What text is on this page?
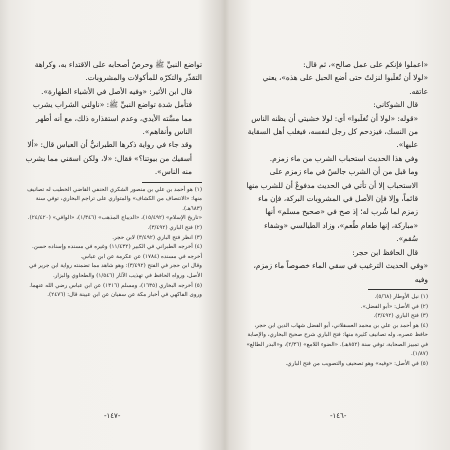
تواضع النبيِّ ﷺ وحرصُ أصحابه على الاقتداء به، وكراهة التقذّر والتكرّه للمأكولات والمشروبات.

قال ابن الأثير: «وفيه الأصل في الأشياء الطهارة».

فتأمل شدة تواضع النبيِّ ﷺ: «ناولني الشراب يشرب مما مسَّته الأيدي، وعدم استقذاره ذلك، مع أنه أطهر الناس وأنقاهم».

وقد جاء في رواية ذكرها الطبرانيُّ أن العباس قال: «ألا أسقيك من بيوتنا؟» فقال: «لا، ولكن اسقني مما يشرب منه الناس».

(١) هو أحمد بن علي بن منصور الشكري الحنفي القاضي الخطيب له تصانيف منها: «الانتصاف من الكشاف» والمتواري على تراجم البخاري، توفي سنة (٦٨٣هـ).

«تاريخ الإسلام» (١٥/٤٩٢)، «الديباج المذهب» (١/٣٤٦)، «الوافي» (٢٤/٤٢٠).

(٢) فتح الباري (٣/٤٩٢).

(٣) انظر فتح الباري (٣/٤٩٢) لابن حجر.

(٤) أخرجه الطبراني في الكبير (١١/٤٣٢) وغيره في مسنده وإسناده حسن. أخرجه في مسنده (١٧٨٤) عن عكرمة عن ابن عباس.

وقال ابن حجر في الفتح (٣/٤٩٢): وهو شاهد مما تضمنته رواية ابن جرير في الأصل، ورواه الحافظ في تهذيب الآثار (١/٥٤٦) والطحاوي والبزار.

(٥) أخرجه البخاري (١٦٣٥)، ومسلم (١٣١٦) عن ابن عباس رضي الله عنهما.

وروى الفاكهي في أخبار مكة عن سفيان عن ابن عيينة قال: (٢٤٧٦).

-١٤٧-

«اعملوا فإنكم على عمل صالح»، ثم قال:

«لولا أن تُغلَبوا لنزلتُ حتى أضع الحبل على هذه»، يعني عاتقه.

قال الشوكاني:

«قوله: «لولا أن تُغلَبوا» أي: لولا خشيتي أن يظنه الناس من النسك، فيزدحم كل رجل لنفسه، فيغلب أهل السقاية عليها».

وفي هذا الحديث استحباب الشرب من ماء زمزم.

وما قبل من أن الشرب جالسٌ في ماء زمزم على الاستحباب إلا أن تأتي في الحديث مدفوعٌ أن للشرب منها قائماً، وإلا فإن الأصل في المشروبات البركة، فإن ماء زمزم لما شُرب له؛ إذ صح في «صحيح مسلم» أنها «مباركة، إنها طعام طُعم»، وزاد الطيالسي «وشفاء سُقم».

قال الحافظ ابن حجر:

«وفي الحديث الترغيب في سقي الماء خصوصاً ماء زمزم، وفيه

(١) نيل الأوطار (٥/٦٨).

(٢) في الأصل: «أبو الفضل».

(٣) فتح الباري (٣/٤٩٢).

(٤) هو أحمد بن علي بن محمد العسقلاني، أبو الفضل شهاب الدين ابن حجر، حافظ عصره، وله تصانيف كثيرة منها: فتح الباري شرح صحيح البخاري، والإصابة في تمييز الصحابة، توفي سنة (٨٥٢هـ). «الضوء اللامع» (٢/٣٦)، و«البدر الطالع» (١/٨٧).

(٥) في الأصل: «وفيه» وهو تصحيف والتصويب من فتح الباري.

-١٤٦-
